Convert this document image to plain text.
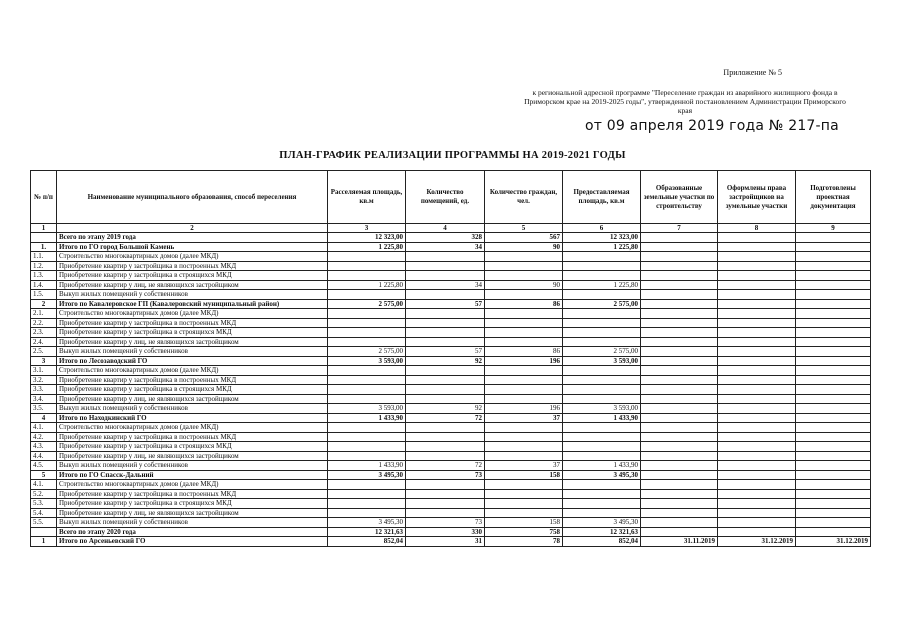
Приложение № 5
к региональной адресной программе "Переселение граждан из аварийного жилищного фонда в Приморском крае на 2019-2025 годы", утвержденной постановлением Администрации Приморского края
от 09 апреля 2019 года № 217-па
ПЛАН-ГРАФИК РЕАЛИЗАЦИИ ПРОГРАММЫ НА 2019-2021 ГОДЫ
№ п/п	Наименование муниципального образования, способ переселения	Расселяемая площадь, кв.м	Количество помещений, ед.	Количество граждан, чел.	Предоставляемая площадь, кв.м	Образованные земельные участки по строительству	Оформлены права застройщиков на зумельные участки	Подготовлены проектная документация
1	2	3	4	5	6	7	8	9
	Всего по этапу 2019 года	12 323,00	328	567	12 323,00			
1.	Итого по ГО город Большой Камень	1 225,80	34	90	1 225,80			
1.1.	Строительство многоквартирных домов (далее МКД)							
1.2.	Приобретение квартир у застройщика в построенных МКД							
1.3.	Приобретение квартир у застройщика в строящихся МКД							
1.4.	Приобретение квартир у лиц, не являющихся застройщиком	1 225,80	34	90	1 225,80			
1.5.	Выкуп жилых помещений у собственников							
2	Итого по Кавалеровское ГП (Кавалеровский муниципальный район)	2 575,00	57	86	2 575,00			
2.1.	Строительство многоквартирных домов (далее МКД)							
2.2.	Приобретение квартир у застройщика в построенных МКД							
2.3.	Приобретение квартир у застройщика в строящихся МКД							
2.4.	Приобретение квартир у лиц, не являющихся застройщиком							
2.5.	Выкуп жилых помещений у собственников	2 575,00	57	86	2 575,00			
3	Итого по Лесозаводский ГО	3 593,00	92	196	3 593,00			
3.1.	Строительство многоквартирных домов (далее МКД)							
3.2.	Приобретение квартир у застройщика в построенных МКД							
3.3.	Приобретение квартир у застройщика в строящихся МКД							
3.4.	Приобретение квартир у лиц, не являющихся застройщиком							
3.5.	Выкуп жилых помещений у собственников	3 593,00	92	196	3 593,00			
4	Итого по Находкинский ГО	1 433,90	72	37	1 433,90			
4.1.	Строительство многоквартирных домов (далее МКД)							
4.2.	Приобретение квартир у застройщика в построенных МКД							
4.3.	Приобретение квартир у застройщика в строящихся МКД							
4.4.	Приобретение квартир у лиц, не являющихся застройщиком							
4.5.	Выкуп жилых помещений у собственников	1 433,90	72	37	1 433,90			
5	Итого по ГО Спасск-Дальний	3 495,30	73	158	3 495,30			
4.1.	Строительство многоквартирных домов (далее МКД)							
5.2.	Приобретение квартир у застройщика в построенных МКД							
5.3.	Приобретение квартир у застройщика в строящихся МКД							
5.4.	Приобретение квартир у лиц, не являющихся застройщиком							
5.5.	Выкуп жилых помещений у собственников	3 495,30	73	158	3 495,30			
	Всего по этапу 2020 года	12 321,63	330	758	12 321,63			
1	Итого по Арсеньевский ГО	852,04	31	78	852,04	31.11.2019	31.12.2019	31.12.2019
